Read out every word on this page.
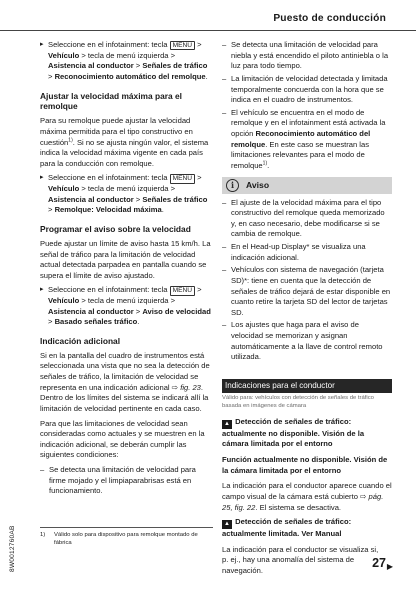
Puesto de conducción

▸ Seleccione en el infotainment: tecla MENU > Vehículo > tecla de menú izquierda > Asistencia al conductor > Señales de tráfico > Reconocimiento automático del remolque.

Ajustar la velocidad máxima para el remolque

Para su remolque puede ajustar la velocidad máxima permitida para el tipo constructivo en cuestión$^{1)}$. Si no se ajusta ningún valor, el sistema indica la velocidad máxima vigente en cada país para la conducción con remolque.

▸ Seleccione en el infotainment: tecla MENU > Vehículo > tecla de menú izquierda > Asistencia al conductor > Señales de tráfico > Remolque: Velocidad máxima.

Programar el aviso sobre la velocidad

Puede ajustar un límite de aviso hasta 15 km/h. La señal de tráfico para la limitación de velocidad actual detectada parpadea en pantalla cuando se supera el límite de aviso ajustado.

▸ Seleccione en el infotainment: tecla MENU > Vehículo > tecla de menú izquierda > Asistencia al conductor > Aviso de velocidad > Basado señales tráfico.

Indicación adicional

Si en la pantalla del cuadro de instrumentos está seleccionada una vista que no sea la detección de señales de tráfico, la limitación de velocidad se representa en una indicación adicional ⇨ fig. 23. Dentro de los límites del sistema se indicará allí la limitación de velocidad pertinente en cada caso.

Para que las limitaciones de velocidad sean consideradas como actuales y se muestren en la indicación adicional, se deberán cumplir las siguientes condiciones:

– Se detecta una limitación de velocidad para firme mojado y el limpiaparabrisas está en funcionamiento.

1)	Válido solo para dispositivo para remolque montado de fábrica

– Se detecta una limitación de velocidad para niebla y está encendido el piloto antiniebla o la luz para todo tiempo.

– La limitación de velocidad detectada y limitada temporalmente concuerda con la hora que se indica en el cuadro de instrumentos.

– El vehículo se encuentra en el modo de remolque y en el infotainment está activada la opción Reconocimiento automático del remolque. En este caso se muestran las limitaciones relevantes para el modo de remolque$^{1)}$.

i	Aviso

– El ajuste de la velocidad máxima para el tipo constructivo del remolque queda memorizado y, en caso necesario, debe modificarse si se cambia de remolque.

– En el Head-up Display* se visualiza una indicación adicional.

– Vehículos con sistema de navegación (tarjeta SD)*: tiene en cuenta que la detección de señales de tráfico dejará de estar disponible en cuanto retire la tarjeta SD del lector de tarjetas SD.

– Los ajustes que haga para el aviso de velocidad se memorizan y asignan automáticamente a la llave de control remoto utilizada.

Indicaciones para el conductor

Válido para: vehículos con detección de señales de tráfico basada en imágenes de cámara

▲ Detección de señales de tráfico: actualmente no disponible. Visión de la cámara limitada por el entorno

Función actualmente no disponible. Visión de la cámara limitada por el entorno

La indicación para el conductor aparece cuando el campo visual de la cámara está cubierto ⇨ pág. 25, fig. 22. El sistema se desactiva.

▲ Detección de señales de tráfico: actualmente limitada. Ver Manual

La indicación para el conductor se visualiza si, p. ej., hay una anomalía del sistema de navegación.
▶

8W0012760AB	27
